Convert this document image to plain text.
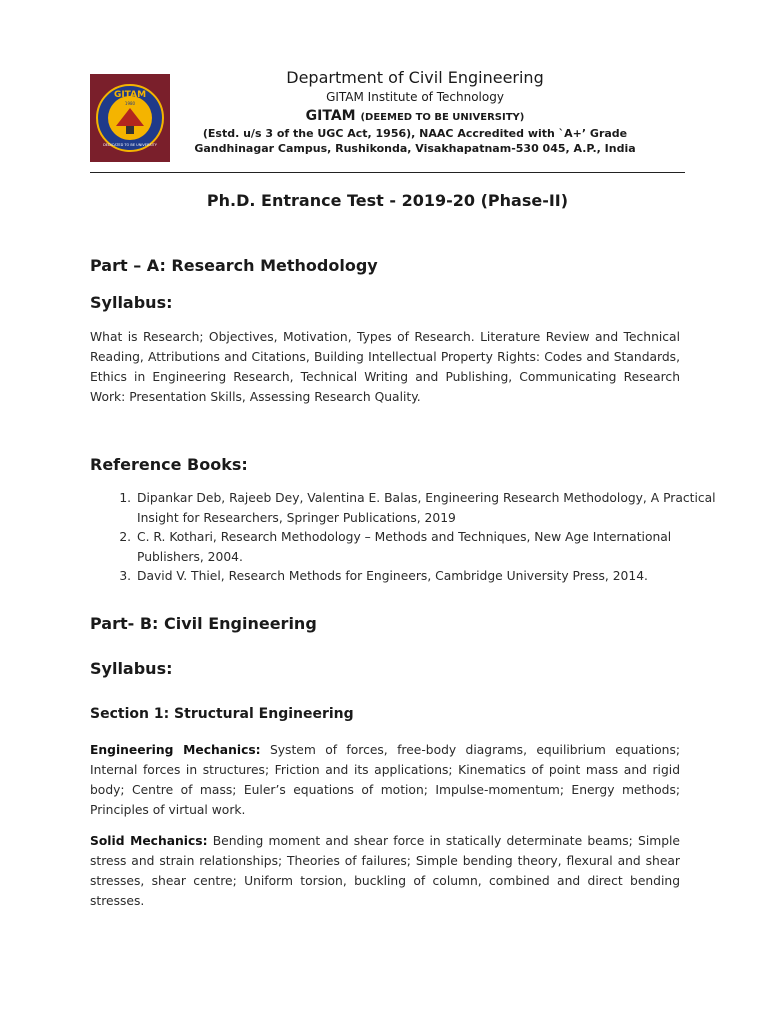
GITAM
1980
DEDICATED TO BE UNIVERSITY
Department of Civil Engineering
GITAM Institute of Technology
GITAM (DEEMED TO BE UNIVERSITY)
(Estd. u/s 3 of the UGC Act, 1956), NAAC Accredited with `A+’ Grade
Gandhinagar Campus, Rushikonda, Visakhapatnam-530 045, A.P., India
Ph.D. Entrance Test - 2019-20 (Phase-II)
Part – A: Research Methodology
Syllabus:
What is Research; Objectives, Motivation, Types of Research. Literature Review and Technical Reading, Attributions and Citations, Building Intellectual Property Rights: Codes and Standards, Ethics in Engineering Research, Technical Writing and Publishing, Communicating Research Work: Presentation Skills, Assessing Research Quality.
Reference Books:
1. Dipankar Deb, Rajeeb Dey, Valentina E. Balas, Engineering Research Methodology, A Practical Insight for Researchers, Springer Publications, 2019
2. C. R. Kothari, Research Methodology – Methods and Techniques, New Age International Publishers, 2004.
3. David V. Thiel, Research Methods for Engineers, Cambridge University Press, 2014.
Part- B: Civil Engineering
Syllabus:
Section 1: Structural Engineering
Engineering Mechanics: System of forces, free-body diagrams, equilibrium equations; Internal forces in structures; Friction and its applications; Kinematics of point mass and rigid body; Centre of mass; Euler’s equations of motion; Impulse-momentum; Energy methods; Principles of virtual work.
Solid Mechanics: Bending moment and shear force in statically determinate beams; Simple stress and strain relationships; Theories of failures; Simple bending theory, flexural and shear stresses, shear centre; Uniform torsion, buckling of column, combined and direct bending stresses.
